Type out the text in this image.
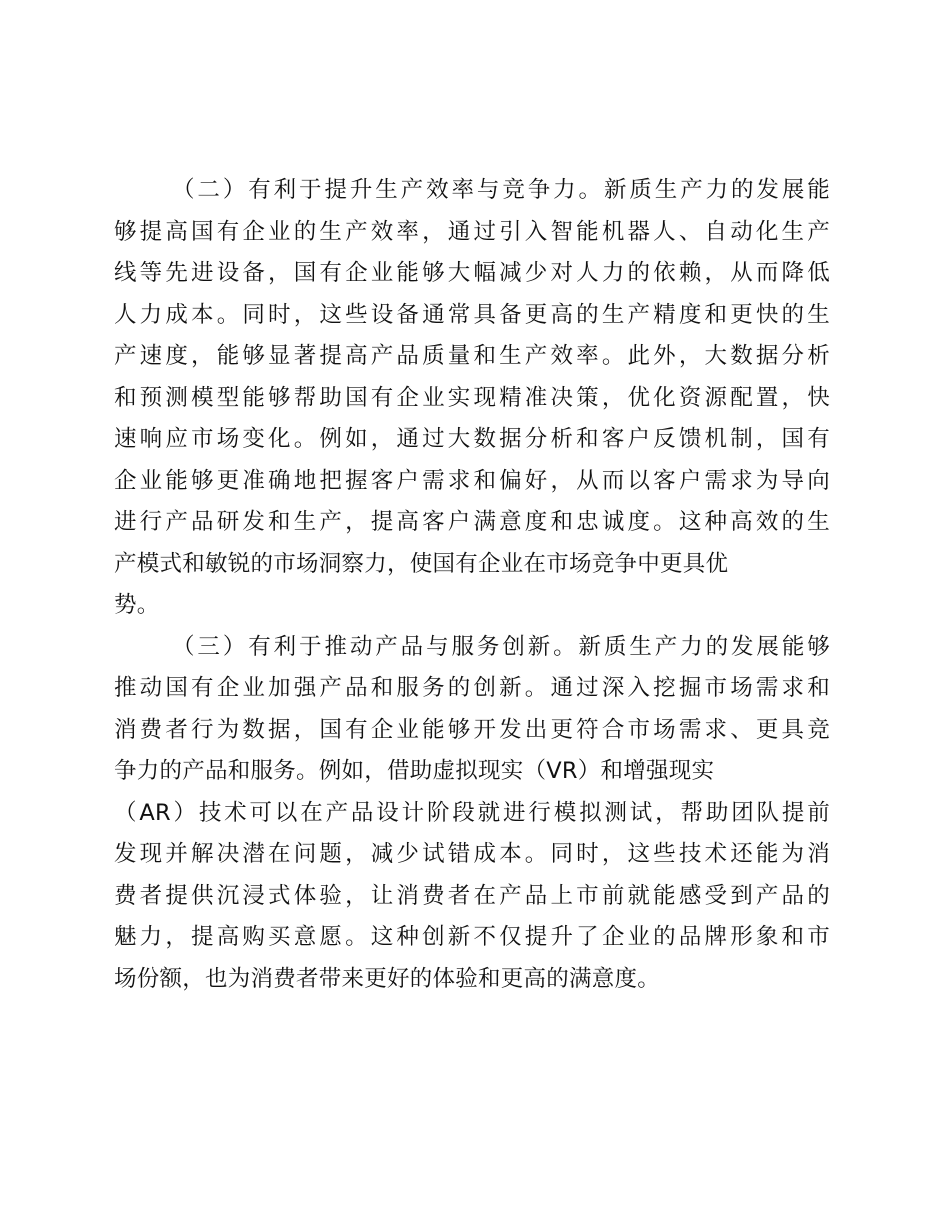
（二）有利于提升生产效率与竞争力。新质生产力的发展能
够提高国有企业的生产效率，通过引入智能机器人、自动化生产
线等先进设备，国有企业能够大幅减少对人力的依赖，从而降低
人力成本。同时，这些设备通常具备更高的生产精度和更快的生
产速度，能够显著提高产品质量和生产效率。此外，大数据分析
和预测模型能够帮助国有企业实现精准决策，优化资源配置，快
速响应市场变化。例如，通过大数据分析和客户反馈机制，国有
企业能够更准确地把握客户需求和偏好，从而以客户需求为导向
进行产品研发和生产，提高客户满意度和忠诚度。这种高效的生
产模式和敏锐的市场洞察力，使国有企业在市场竞争中更具优
势。
（三）有利于推动产品与服务创新。新质生产力的发展能够
推动国有企业加强产品和服务的创新。通过深入挖掘市场需求和
消费者行为数据，国有企业能够开发出更符合市场需求、更具竞
争力的产品和服务。例如，借助虚拟现实（VR）和增强现实
（AR）技术可以在产品设计阶段就进行模拟测试，帮助团队提前
发现并解决潜在问题，减少试错成本。同时，这些技术还能为消
费者提供沉浸式体验，让消费者在产品上市前就能感受到产品的
魅力，提高购买意愿。这种创新不仅提升了企业的品牌形象和市
场份额，也为消费者带来更好的体验和更高的满意度。
